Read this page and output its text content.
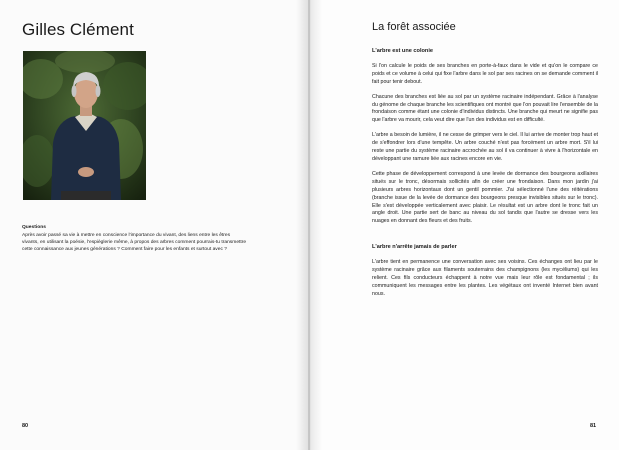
Gilles Clément

Questions

Après avoir passé sa vie à mettre en conscience l'importance du vivant, des liens entre les êtres vivants, en utilisant la poésie, l'espièglerie même, à propos des arbres comment pourrais-tu transmettre cette connaissance aux jeunes générations ? Comment faire pour les enfants et surtout avec ?

80
La forêt associée
L'arbre est une colonie

Si l'on calcule le poids de ses branches en porte-à-faux dans le vide et qu'on le compare ce poids et ce volume à celui qui fixe l'arbre dans le sol par ses racines on se demande comment il fait pour tenir debout.

Chacune des branches est liée au sol par un système racinaire indépendant. Grâce à l'analyse du génome de chaque branche les scientifiques ont montré que l'on pouvait lire l'ensemble de la frondaison comme étant une colonie d'individus distincts. Une branche qui meurt ne signifie pas que l'arbre va mourir, cela veut dire que l'un des individus est en difficulté.

L'arbre a besoin de lumière, il ne cesse de grimper vers le ciel. Il lui arrive de monter trop haut et de s'effondrer lors d'une tempête. Un arbre couché n'est pas forcément un arbre mort. S'il lui reste une partie du système racinaire accrochée au sol il va continuer à vivre à l'horizontale en développant une ramure liée aux racines encore en vie.

Cette phase de développement correspond à une levée de dormance des bourgeons axillaires situés sur le tronc, désormais sollicités afin de créer une frondaison. Dans mon jardin j'ai plusieurs arbres horizontaux dont un gentil pommier. J'ai sélectionné l'une des réitérations (branche issue de la levée de dormance des bourgeons presque invisibles situés sur le tronc). Elle s'est développée verticalement avec plaisir. Le résultat est un arbre dont le tronc fait un angle droit. Une partie sert de banc au niveau du sol tandis que l'autre se dresse vers les nuages en donnant des fleurs et des fruits.

L'arbre n'arrête jamais de parler

L'arbre tient en permanence une conversation avec ses voisins. Ces échanges ont lieu par le système racinaire grâce aux filaments souterrains des champignons (les mycéliums) qui les relient. Ces fils conducteurs échappent à notre vue mais leur rôle est fondamental ; ils communiquent les messages entre les plantes. Les végétaux ont inventé Internet bien avant nous.

81
